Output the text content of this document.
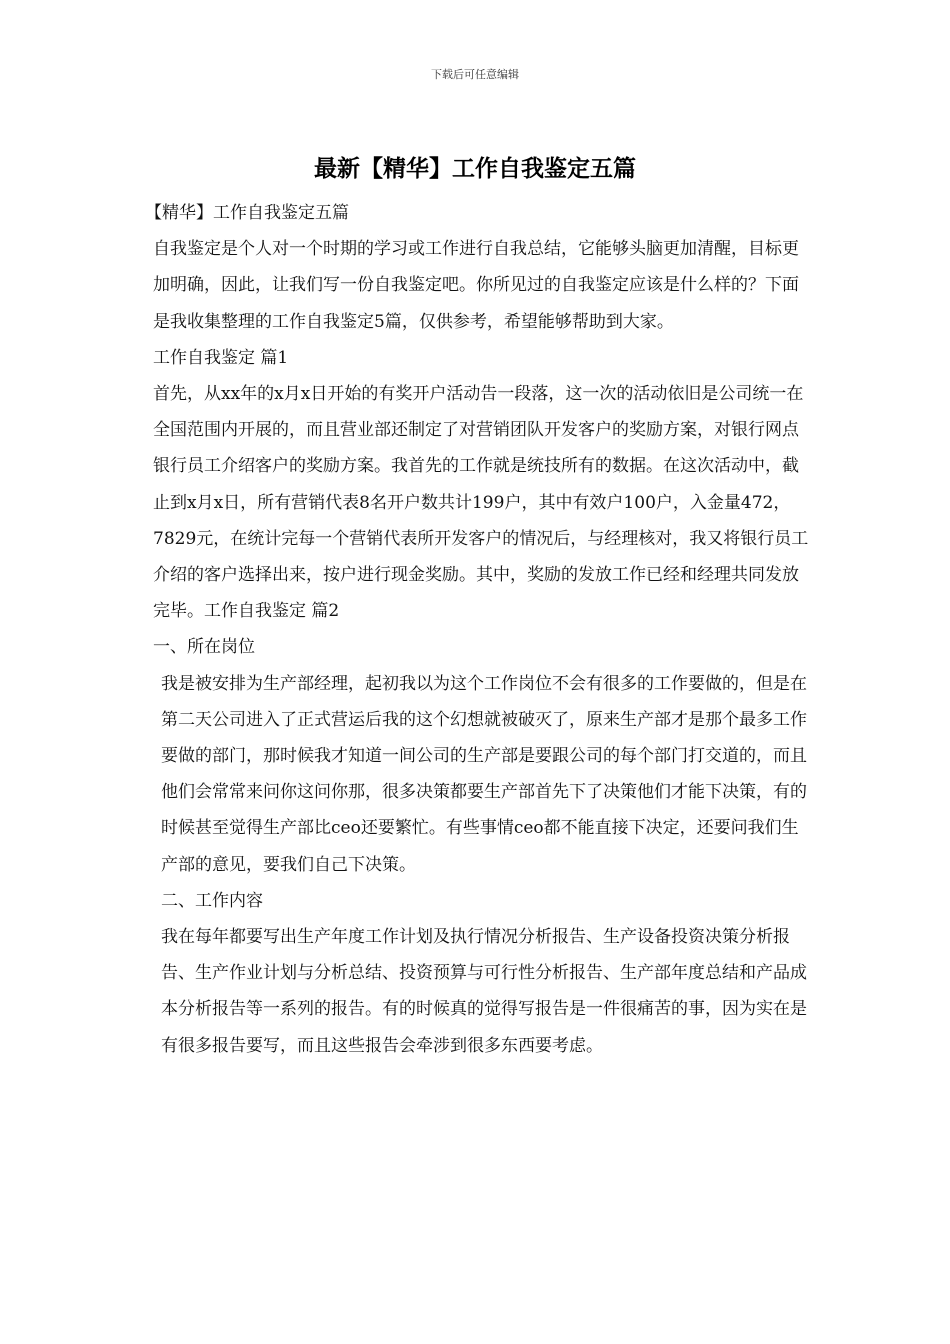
下载后可任意编辑
最新【精华】工作自我鉴定五篇

【精华】工作自我鉴定五篇

自我鉴定是个人对一个时期的学习或工作进行自我总结，它能够头脑更加清醒，目标更加明确，因此，让我们写一份自我鉴定吧。你所见过的自我鉴定应该是什么样的？下面是我收集整理的工作自我鉴定5篇，仅供参考，希望能够帮助到大家。

工作自我鉴定 篇1

首先，从xx年的x月x日开始的有奖开户活动告一段落，这一次的活动依旧是公司统一在全国范围内开展的，而且营业部还制定了对营销团队开发客户的奖励方案，对银行网点银行员工介绍客户的奖励方案。我首先的工作就是统技所有的数据。在这次活动中，截止到x月x日，所有营销代表8名开户数共计199户，其中有效户100户，入金量472，7829元，在统计完每一个营销代表所开发客户的情况后，与经理核对，我又将银行员工介绍的客户选择出来，按户进行现金奖励。其中，奖励的发放工作已经和经理共同发放完毕。工作自我鉴定 篇2

一、所在岗位

我是被安排为生产部经理，起初我以为这个工作岗位不会有很多的工作要做的，但是在第二天公司进入了正式营运后我的这个幻想就被破灭了，原来生产部才是那个最多工作要做的部门，那时候我才知道一间公司的生产部是要跟公司的每个部门打交道的，而且他们会常常来问你这问你那，很多决策都要生产部首先下了决策他们才能下决策，有的时候甚至觉得生产部比ceo还要繁忙。有些事情ceo都不能直接下决定，还要问我们生产部的意见，要我们自己下决策。

二、工作内容

我在每年都要写出生产年度工作计划及执行情况分析报告、生产设备投资决策分析报告、生产作业计划与分析总结、投资预算与可行性分析报告、生产部年度总结和产品成本分析报告等一系列的报告。有的时候真的觉得写报告是一件很痛苦的事，因为实在是有很多报告要写，而且这些报告会牵涉到很多东西要考虑。
